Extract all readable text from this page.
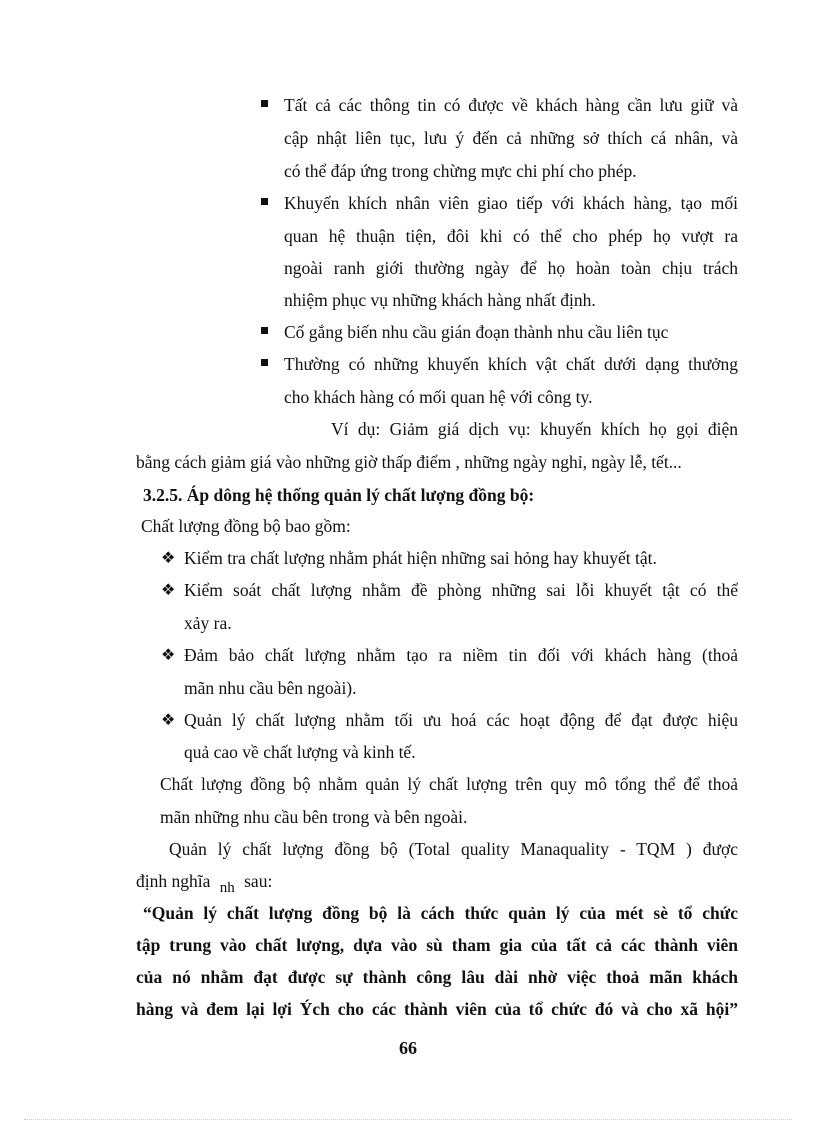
Tất cả các thông tin có được về khách hàng cần lưu giữ và
cập nhật liên tục, lưu ý đến cả những sở thích cá nhân, và
có thể đáp ứng trong chừng mực chi phí cho phép.
Khuyến khích nhân viên giao tiếp với khách hàng, tạo mối
quan hệ thuận tiện, đôi khi có thể cho phép họ vượt ra
ngoài ranh giới thường ngày để họ hoàn toàn chịu trách
nhiệm phục vụ những khách hàng nhất định.
Cố gắng biến nhu cầu gián đoạn thành nhu cầu liên tục
Thường có những khuyến khích vật chất dưới dạng thưởng
cho khách hàng có mối quan hệ với công ty.
Ví dụ: Giảm giá dịch vụ: khuyến khích họ gọi điện
bằng cách giảm giá vào những giờ thấp điểm , những ngày nghỉ, ngày lễ, tết...
3.2.5. Áp dông hệ thống quản lý chất lượng đồng bộ:
Chất lượng đồng bộ bao gồm:
❖ Kiểm tra chất lượng nhằm phát hiện những sai hỏng hay khuyết tật.
❖ Kiểm soát chất lượng nhằm đề phòng những sai lỗi khuyết tật có thể
xảy ra.
❖ Đảm bảo chất lượng nhằm tạo ra niềm tin đối với khách hàng (thoả
mãn nhu cầu bên ngoài).
❖ Quản lý chất lượng nhằm tối ưu hoá các hoạt động để đạt được hiệu
quả cao về chất lượng và kinh tế.
Chất lượng đồng bộ nhằm quản lý chất lượng trên quy mô tổng thể để thoả
mãn những nhu cầu bên trong và bên ngoài.
Quản lý chất lượng đồng bộ (Total quality Manaquality - TQM ) được
định nghĩa nh sau:
“Quản lý chất lượng đồng bộ là cách thức quản lý của mét sè tổ chức
tập trung vào chất lượng, dựa vào sù tham gia của tất cả các thành viên
của nó nhằm đạt được sự thành công lâu dài nhờ việc thoả mãn khách
hàng và đem lại lợi Ých cho các thành viên của tổ chức đó và cho xã hội”
66
